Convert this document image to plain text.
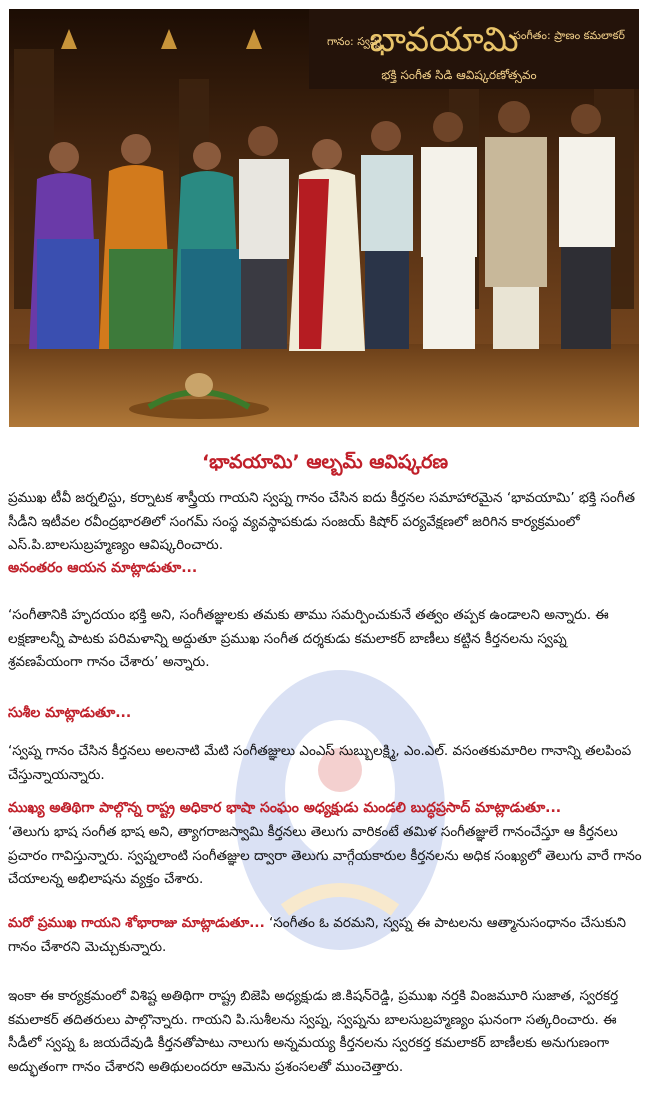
భావయామి
భక్తి సంగీత సిడి ఆవిష్కరణోత్సవం
గానం: స్వప్న	సంగీతం: ప్రాణం కమలాకర్
‘భావయామి’ ఆల్బమ్ ఆవిష్కరణ

ప్రముఖ టీవీ జర్నలిస్టు, కర్నాటక శాస్త్రీయ గాయని స్వప్న గానం చేసిన ఐదు కీర్తనల సమాహారమైన ‘భావయామి’ భక్తి సంగీత సీడీని ఇటీవల రవీంద్రభారతిలో సంగమ్ సంస్థ వ్యవస్థాపకుడు సంజయ్ కిషోర్ పర్యవేక్షణలో జరిగిన కార్యక్రమంలో ఎస్.పి.బాలసుబ్రహ్మణ్యం ఆవిష్కరించారు.

అనంతరం ఆయన మాట్లాడుతూ...

‘సంగీతానికి హృదయం భక్తి అని, సంగీతజ్ఞులకు తమకు తాము సమర్పించుకునే తత్వం తప్పక ఉండాలని అన్నారు. ఈ లక్షణాలన్నీ పాటకు పరిమళాన్ని అద్దుతూ ప్రముఖ సంగీత దర్శకుడు కమలాకర్ బాణీలు కట్టిన కీర్తనలను స్వప్న శ్రవణపేయంగా గానం చేశారు’ అన్నారు.

సుశీల మాట్లాడుతూ...

‘స్వప్న గానం చేసిన కీర్తనలు అలనాటి మేటి సంగీతజ్ఞులు ఎంఎస్ సుబ్బులక్ష్మి, ఎం.ఎల్. వసంతకుమారిల గానాన్ని తలపింప చేస్తున్నాయన్నారు.

ముఖ్య అతిథిగా పాల్గొన్న రాష్ట్ర అధికార భాషా సంఘం అధ్యక్షుడు మండలి బుద్ధప్రసాద్ మాట్లాడుతూ...

‘తెలుగు భాష సంగీత భాష అని, త్యాగరాజస్వామి కీర్తనలు తెలుగు వారికంటే తమిళ సంగీతజ్ఞులే గానంచేస్తూ ఆ కీర్తనలు ప్రచారం గావిస్తున్నారు. స్వప్నలాంటి సంగీతజ్ఞుల ద్వారా తెలుగు వాగ్గేయకారుల కీర్తనలను అధిక సంఖ్యలో తెలుగు వారే గానం చేయాలన్న అభిలాషను వ్యక్తం చేశారు.

మరో ప్రముఖ గాయని శోభారాజు మాట్లాడుతూ... ‘సంగీతం ఓ వరమని, స్వప్న ఈ పాటలను ఆత్మానుసంధానం చేసుకుని గానం చేశారని మెచ్చుకున్నారు.

ఇంకా ఈ కార్యక్రమంలో విశిష్ట అతిథిగా రాష్ట్ర బిజెపి అధ్యక్షుడు జి.కిషన్‌రెడ్డి, ప్రముఖ నర్తకి వింజమూరి సుజాత, స్వరకర్త కమలాకర్ తదితరులు పాల్గొన్నారు. గాయని పి.సుశీలను స్వప్న, స్వప్నను బాలసుబ్రహ్మణ్యం ఘనంగా సత్కరించారు. ఈ సీడీలో స్వప్న ఓ జయదేవుడి కీర్తనతోపాటు నాలుగు అన్నమయ్య కీర్తనలను స్వరకర్త కమలాకర్ బాణీలకు అనుగుణంగా అద్భుతంగా గానం చేశారని అతిథులందరూ ఆమెను ప్రశంసలతో ముంచెత్తారు.
